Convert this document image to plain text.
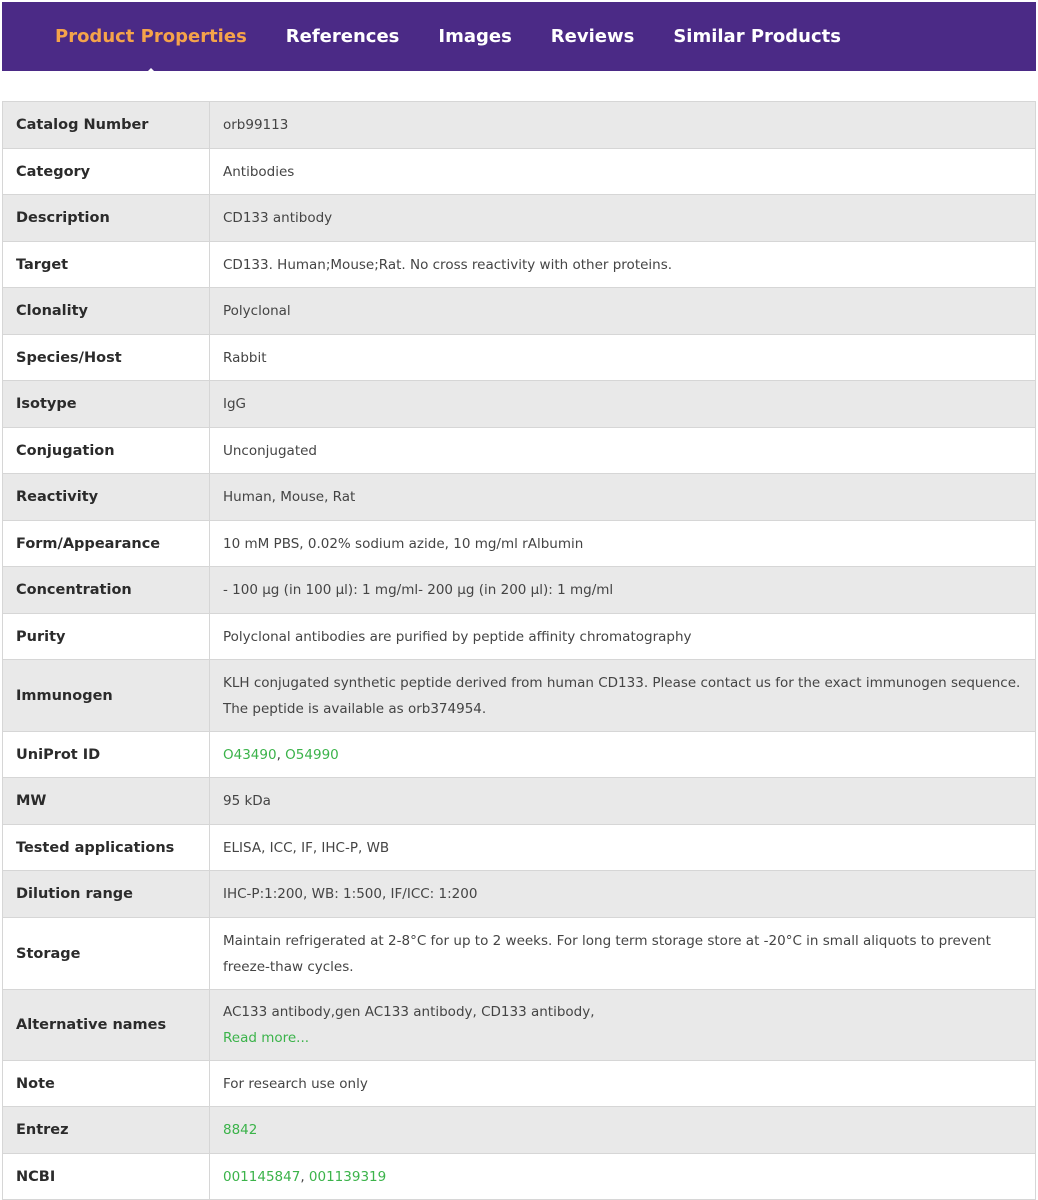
Product Properties References Images Reviews Similar Products
Catalog Number	orb99113
Category	Antibodies
Description	CD133 antibody
Target	CD133. Human;Mouse;Rat. No cross reactivity with other proteins.
Clonality	Polyclonal
Species/Host	Rabbit
Isotype	IgG
Conjugation	Unconjugated
Reactivity	Human, Mouse, Rat
Form/Appearance	10 mM PBS, 0.02% sodium azide, 10 mg/ml rAlbumin
Concentration	- 100 µg (in 100 µl): 1 mg/ml- 200 µg (in 200 µl): 1 mg/ml
Purity	Polyclonal antibodies are purified by peptide affinity chromatography
Immunogen	KLH conjugated synthetic peptide derived from human CD133. Please contact us for the exact immunogen sequence. The peptide is available as orb374954.
UniProt ID	O43490, O54990
MW	95 kDa
Tested applications	ELISA, ICC, IF, IHC-P, WB
Dilution range	IHC-P:1:200, WB: 1:500, IF/ICC: 1:200
Storage	Maintain refrigerated at 2-8°C for up to 2 weeks. For long term storage store at -20°C in small aliquots to prevent freeze-thaw cycles.
Alternative names	AC133 antibody,gen AC133 antibody, CD133 antibody,
Read more...
Note	For research use only
Entrez	8842
NCBI	001145847, 001139319
